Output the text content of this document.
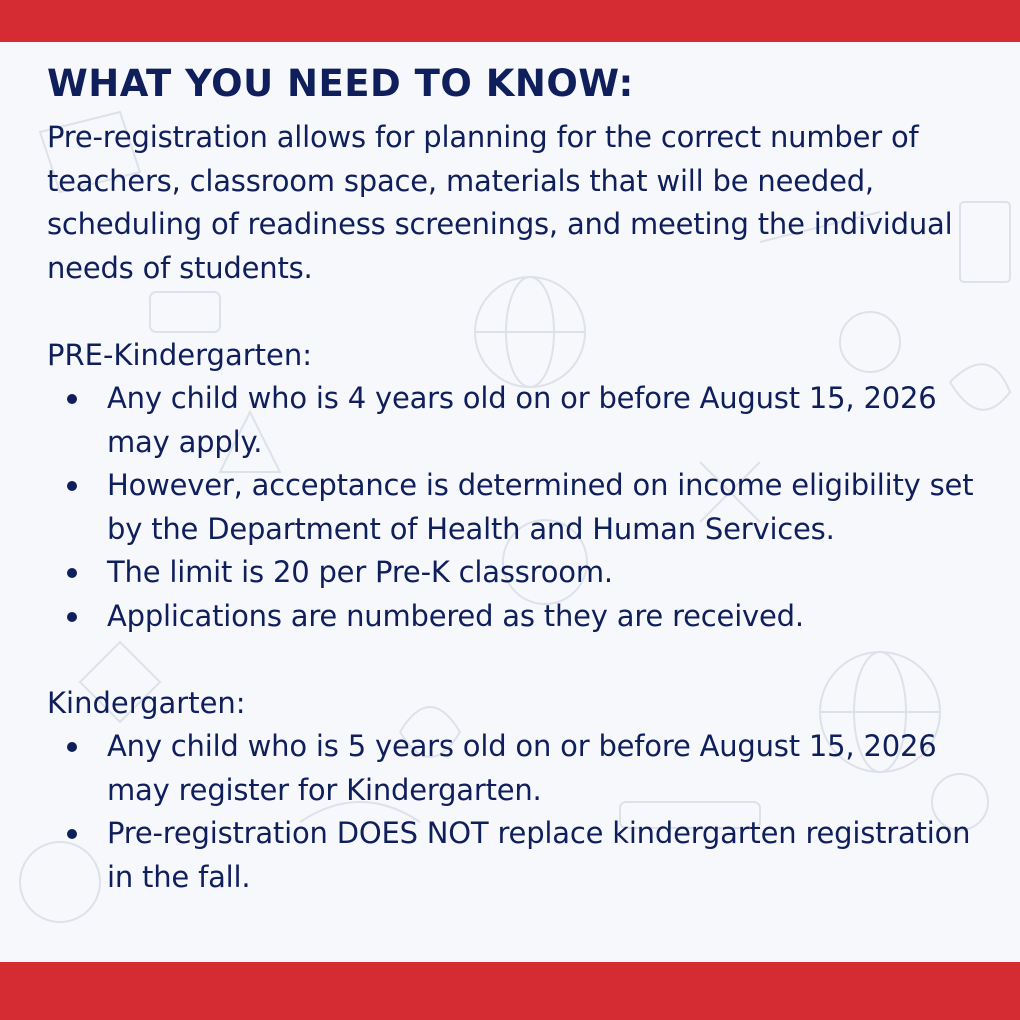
WHAT YOU NEED TO KNOW:

Pre-registration allows for planning for the correct number of teachers, classroom space, materials that will be needed, scheduling of readiness screenings, and meeting the individual needs of students.

PRE-Kindergarten:
Any child who is 4 years old on or before August 15, 2026 may apply.
However, acceptance is determined on income eligibility set by the Department of Health and Human Services.
The limit is 20 per Pre-K classroom.
Applications are numbered as they are received.
Kindergarten:
Any child who is 5 years old on or before August 15, 2026 may register for Kindergarten.
Pre-registration DOES NOT replace kindergarten registration in the fall.
